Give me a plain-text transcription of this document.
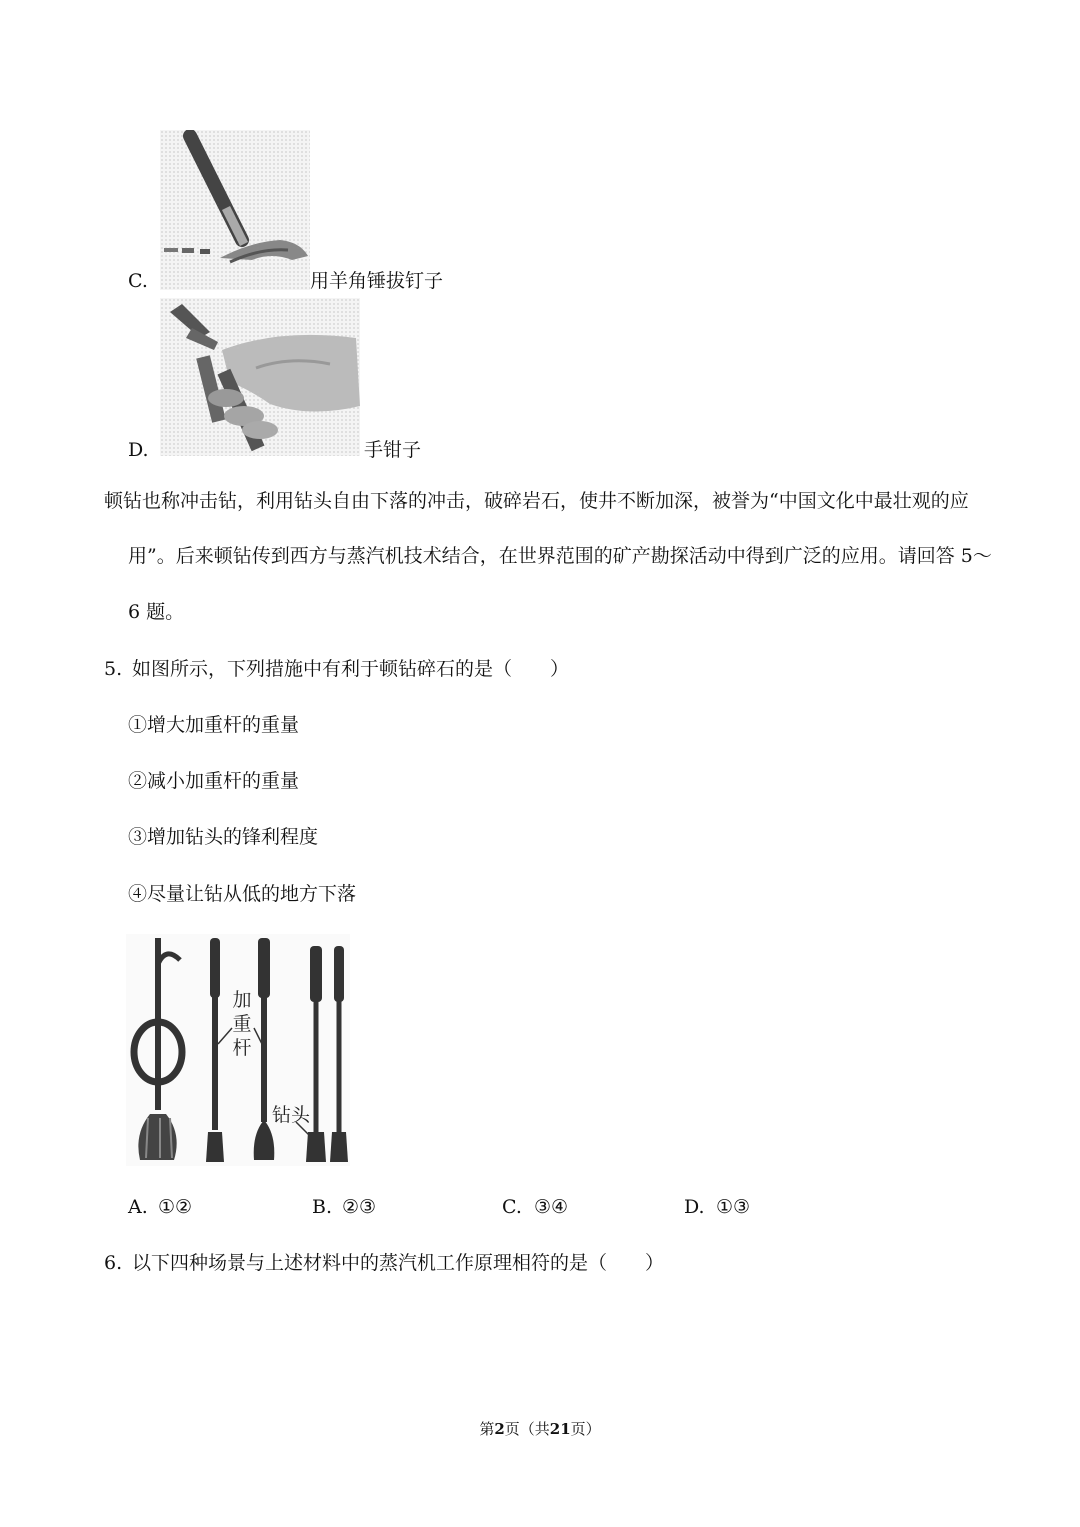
C.	用羊角锤拔钉子
D.	手钳子
顿钻也称冲击钻，利用钻头自由下落的冲击，破碎岩石，使井不断加深，被誉为“中国文化中最壮观的应
用”。后来顿钻传到西方与蒸汽机技术结合，在世界范围的矿产勘探活动中得到广泛的应用。请回答 5～
6 题。
5. 如图所示，下列措施中有利于顿钻碎石的是（　　）
①增大加重杆的重量
②减小加重杆的重量
③增加钻头的锋利程度
④尽量让钻从低的地方下落
加
重
杆
钻头
A. ①②	B. ②③	C. ③④	D. ①③
6. 以下四种场景与上述材料中的蒸汽机工作原理相符的是（　　）
第2页（共21页）
